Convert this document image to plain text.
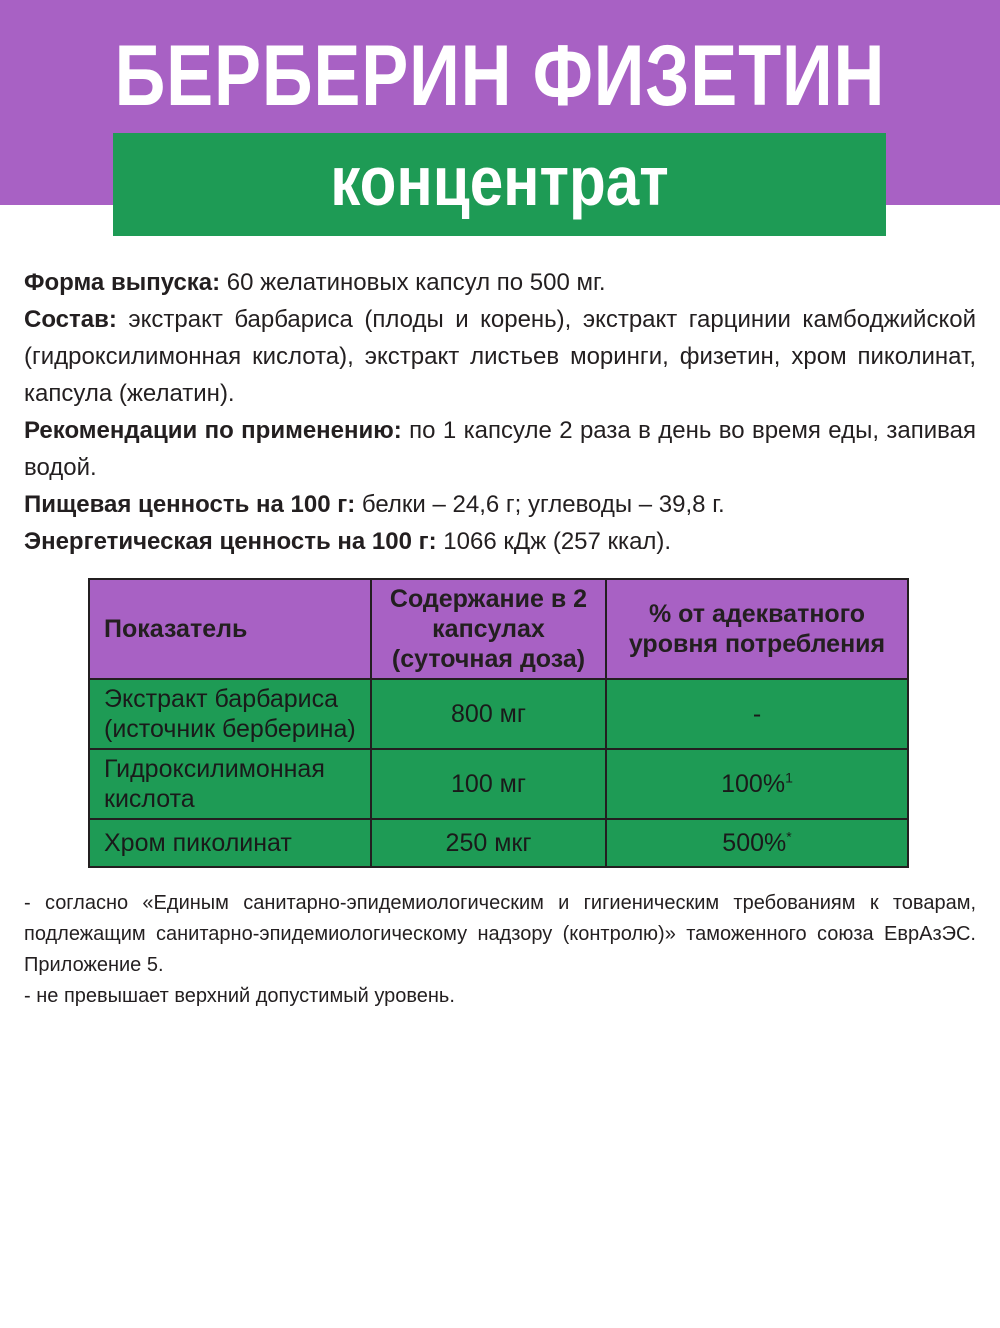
БЕРБЕРИН ФИЗЕТИН
концентрат

Форма выпуска: 60 желатиновых капсул по 500 мг.

Состав: экстракт барбариса (плоды и корень), экстракт гарцинии камбоджийской (гидроксилимонная кислота), экстракт листьев моринги, физетин, хром пиколинат, капсула (желатин).

Рекомендации по применению: по 1 капсуле 2 раза в день во время еды, запивая водой.

Пищевая ценность на 100 г: белки – 24,6 г; углеводы – 39,8 г.

Энергетическая ценность на 100 г: 1066 кДж (257 ккал).

Показатель	Содержание в 2 капсулах (суточная доза)	% от адекватного уровня потребления
Экстракт барбариса (источник берберина)	800 мг	-
Гидроксилимонная кислота	100 мг	100%$^1$
Хром пиколинат	250 мкг	500%*

- согласно «Единым санитарно-эпидемиологическим и гигиеническим требованиям к товарам, подлежащим санитарно-эпидемиологическому надзору (контролю)» таможенного союза ЕврАзЭС. Приложение 5.

- не превышает верхний допустимый уровень.
